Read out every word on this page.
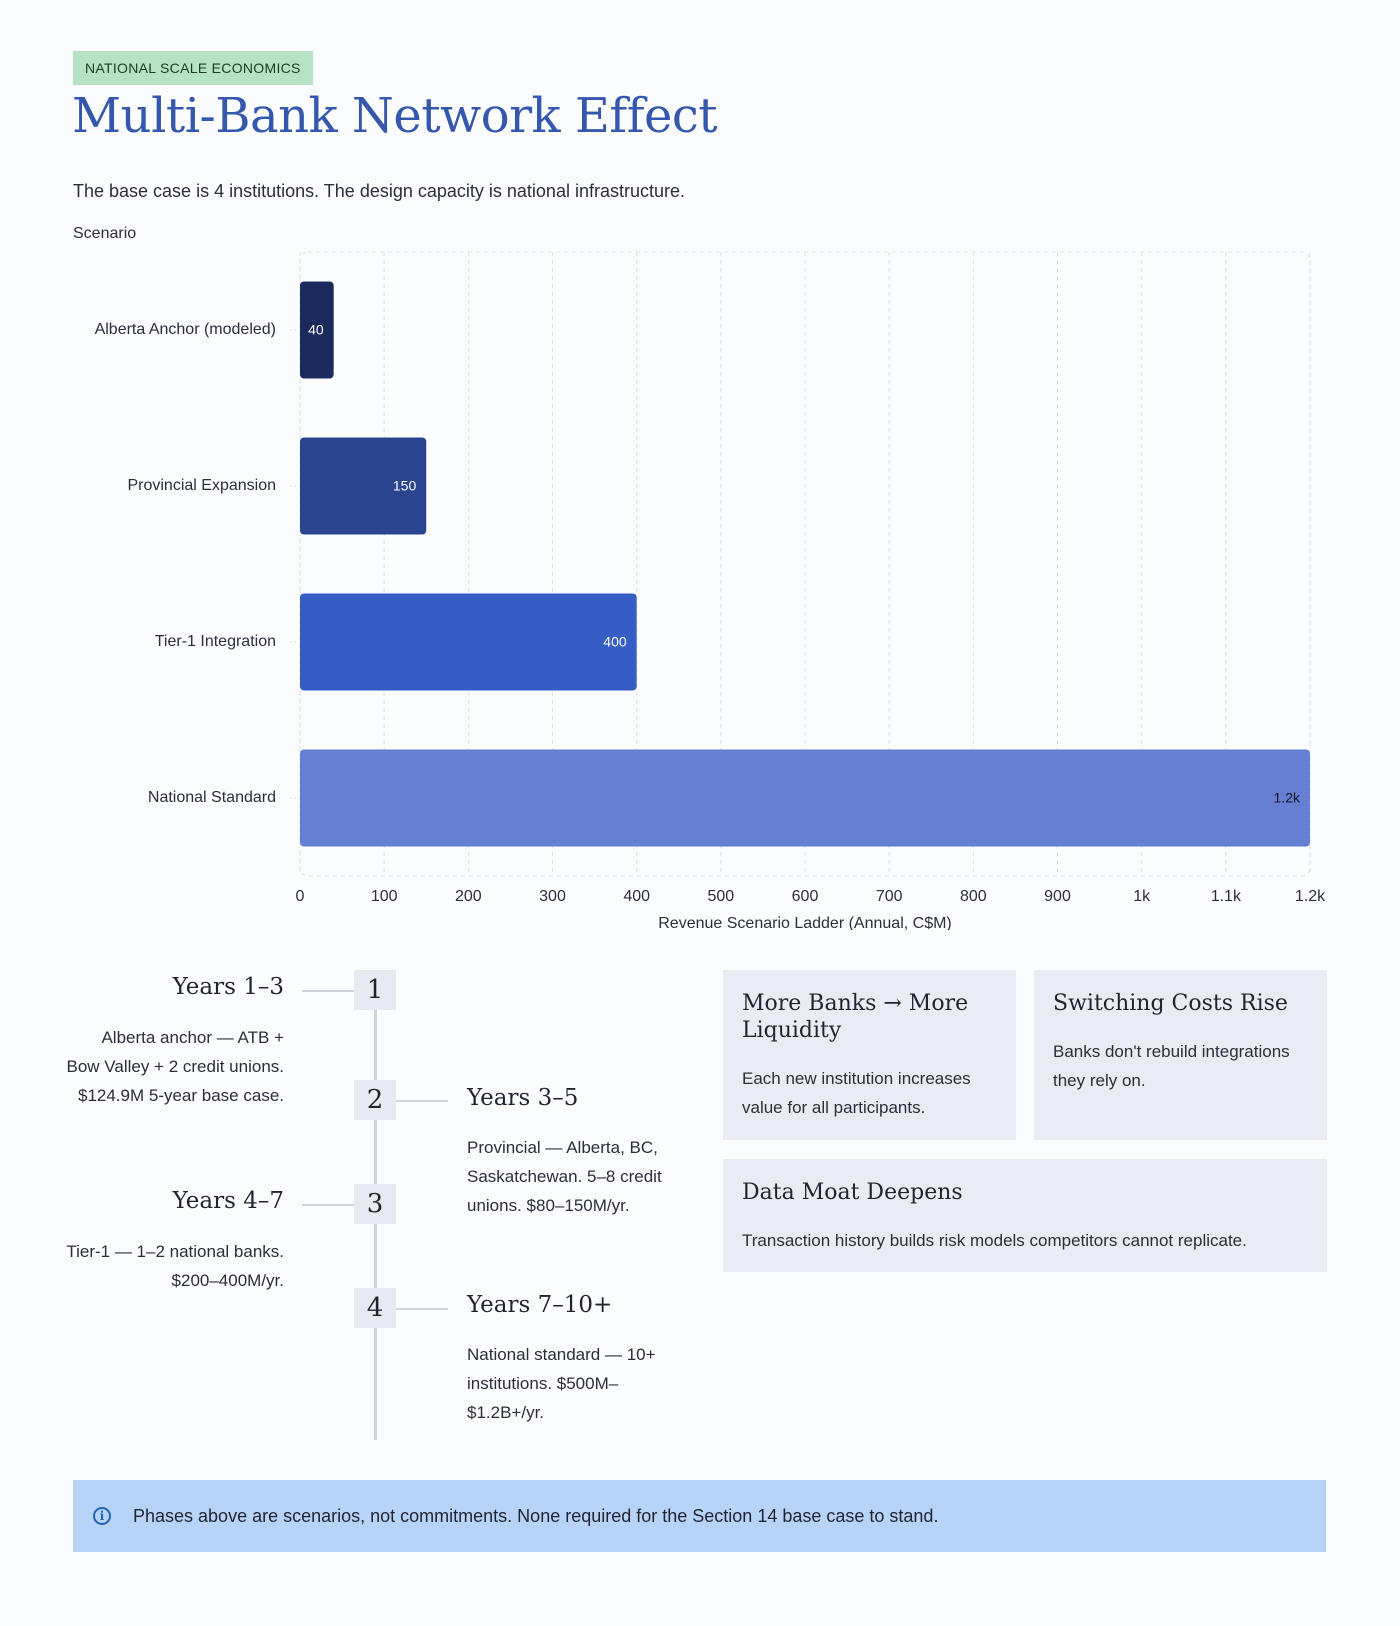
NATIONAL SCALE ECONOMICS
Multi-Bank Network Effect

The base case is 4 institutions. The design capacity is national infrastructure.

Scenario
0	100	200	300	400	500	600	700	800	900	1k	1.1k	1.2k
40
Alberta Anchor (modeled)
150
Provincial Expansion
400
Tier-1 Integration
1.2k
National Standard
Revenue Scenario Ladder (Annual, C$M)
1
Years 1–3
Alberta anchor — ATB + Bow Valley + 2 credit unions. $124.9M 5-year base case.	2	Years 3–5
Provincial — Alberta, BC, Saskatchewan. 5–8 credit unions. $80–150M/yr.
3
Years 4–7
Tier-1 — 1–2 national banks. $200–400M/yr.
4	Years 7–10+
National standard — 10+ institutions. $500M–$1.2B+/yr.
More Banks → More Liquidity
Each new institution increases value for all participants.
Switching Costs Rise
Banks don't rebuild integrations they rely on.
Data Moat Deepens
Transaction history builds risk models competitors cannot replicate.
i	Phases above are scenarios, not commitments. None required for the Section 14 base case to stand.
